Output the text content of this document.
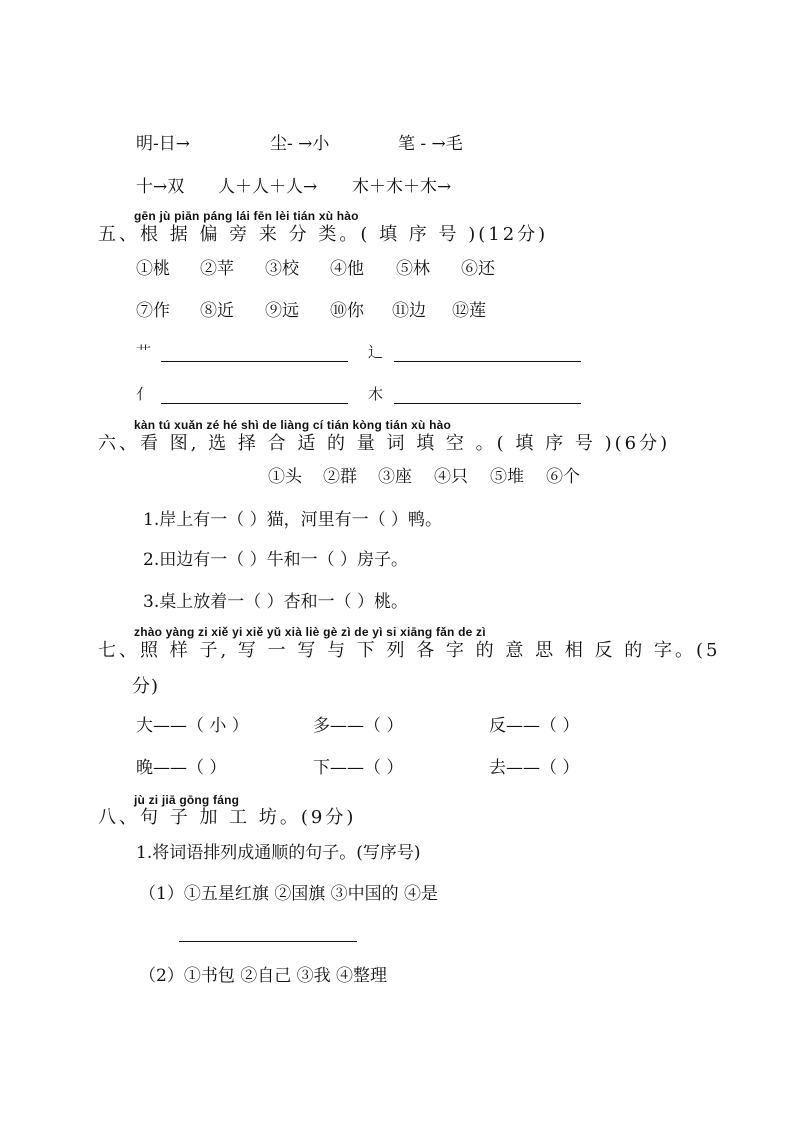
明-日→	尘- →小	笔 - →毛
十→双 人＋人＋人→ 木＋木＋木→
gēn jù piān páng lái fēn lèi tián xù hào
五、根 据 偏 旁 来 分 类。( 填 序 号 )(12分)
①桃 ②苹 ③校 ④他 ⑤林 ⑥还
⑦作 ⑧近 ⑨远 ⑩你 ⑪边 ⑫莲
艹	辶
亻	木
kàn tú xuǎn zé hé shì de liàng cí tián kòng tián xù hào
六、看 图, 选 择 合 适 的 量 词 填 空 。( 填 序 号 )(6分)
①头 ②群 ③座 ④只 ⑤堆 ⑥个
1.岸上有一（ ）猫，河里有一（ ）鸭。
2.田边有一（ ）牛和一（ ）房子。
3.桌上放着一（ ）杏和一（ ）桃。
zhào yàng zi xiě yi xiě yǔ xià liè gè zì de yì si xiāng fǎn de zì
七、照 样 子, 写 一 写 与 下 列 各 字 的 意 思 相 反 的 字。(5
分)
大——（ 小 ）	多——（ ）	反——（ ）
晚——（ ）	下——（ ）	去——（ ）
jù zi jiā gōng fáng
八、句 子 加 工 坊。(9分)
1.将词语排列成通顺的句子。(写序号)
（1）①五星红旗 ②国旗 ③中国的 ④是
（2）①书包 ②自己 ③我 ④整理
